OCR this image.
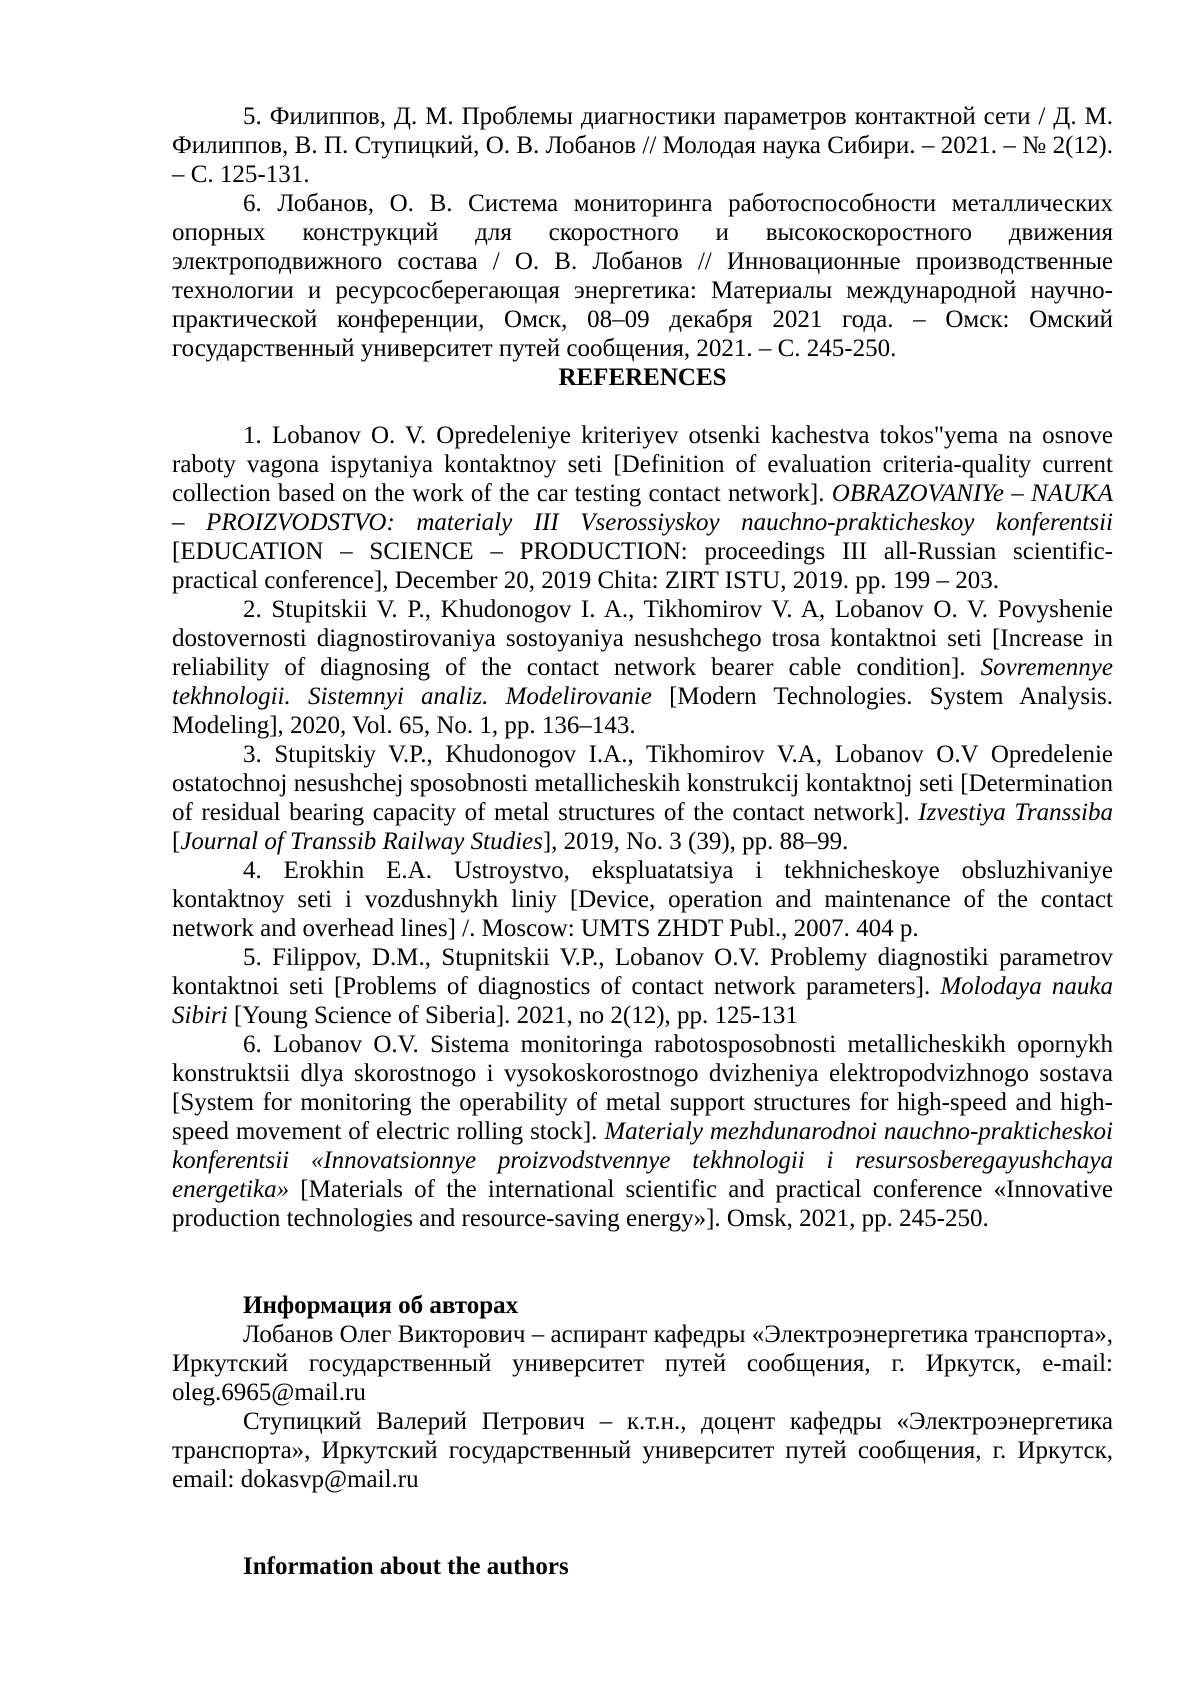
5. Филиппов, Д. М. Проблемы диагностики параметров контактной сети / Д. М. Филиппов, В. П. Ступицкий, О. В. Лобанов // Молодая наука Сибири. – 2021. – № 2(12). – С. 125-131.

6. Лобанов, О. В. Система мониторинга работоспособности металлических опорных конструкций для скоростного и высокоскоростного движения электроподвижного состава / О. В. Лобанов // Инновационные производственные технологии и ресурсосберегающая энергетика: Материалы международной научно-практической конференции, Омск, 08–09 декабря 2021 года. – Омск: Омский государственный университет путей сообщения, 2021. – С. 245-250.

REFERENCES

1. Lobanov O. V. Opredeleniye kriteriyev otsenki kachestva tokos"yema na osnove raboty vagona ispytaniya kontaktnoy seti [Definition of evaluation criteria-quality current collection based on the work of the car testing contact network]. OBRAZOVANIYe – NAUKA – PROIZVODSTVO: materialy III Vserossiyskoy nauchno-prakticheskoy konferentsii [EDUCATION – SCIENCE – PRODUCTION: proceedings III all-Russian scientific-practical conference], December 20, 2019 Chita: ZIRT ISTU, 2019. pp. 199 – 203.

2. Stupitskii V. P., Khudonogov I. A., Tikhomirov V. A, Lobanov O. V. Povyshenie dostovernosti diagnostirovaniya sostoyaniya nesushchego trosa kontaktnoi seti [Increase in reliability of diagnosing of the contact network bearer cable condition]. Sovremennye tekhnologii. Sistemnyi analiz. Modelirovanie [Modern Technologies. System Analysis. Modeling], 2020, Vol. 65, No. 1, pp. 136–143.

3. Stupitskiy V.P., Khudonogov I.A., Tikhomirov V.A, Lobanov O.V Opredelenie ostatochnoj nesushchej sposobnosti metallicheskih konstrukcij kontaktnoj seti [Determination of residual bearing capacity of metal structures of the contact network]. Izvestiya Transsiba [Journal of Transsib Railway Studies], 2019, No. 3 (39), pp. 88–99.

4. Erokhin E.A. Ustroystvo, ekspluatatsiya i tekhnicheskoye obsluzhivaniye kontaktnoy seti i vozdushnykh liniy [Device, operation and maintenance of the contact network and overhead lines] /. Moscow: UMTS ZHDT Publ., 2007. 404 p.

5. Filippov, D.M., Stupnitskii V.P., Lobanov O.V. Problemy diagnostiki parametrov kontaktnoi seti [Problems of diagnostics of contact network parameters]. Molodaya nauka Sibiri [Young Science of Siberia]. 2021, no 2(12), pp. 125-131

6. Lobanov O.V. Sistema monitoringa rabotosposobnosti metallicheskikh opornykh konstruktsii dlya skorostnogo i vysokoskorostnogo dvizheniya elektropodvizhnogo sostava [System for monitoring the operability of metal support structures for high-speed and high-speed movement of electric rolling stock]. Materialy mezhdunarodnoi nauchno-prakticheskoi konferentsii «Innovatsionnye proizvodstvennye tekhnologii i resursosberegayushchaya energetika» [Materials of the international scientific and practical conference «Innovative production technologies and resource-saving energy»]. Omsk, 2021, pp. 245-250.

Информация об авторах

Лобанов Олег Викторович – аспирант кафедры «Электроэнергетика транспорта», Иркутский государственный университет путей сообщения, г. Иркутск, e-mail: oleg.6965@mail.ru

Ступицкий Валерий Петрович – к.т.н., доцент кафедры «Электроэнергетика транспорта», Иркутский государственный университет путей сообщения, г. Иркутск, email: dokasvp@mail.ru

Information about the authors
